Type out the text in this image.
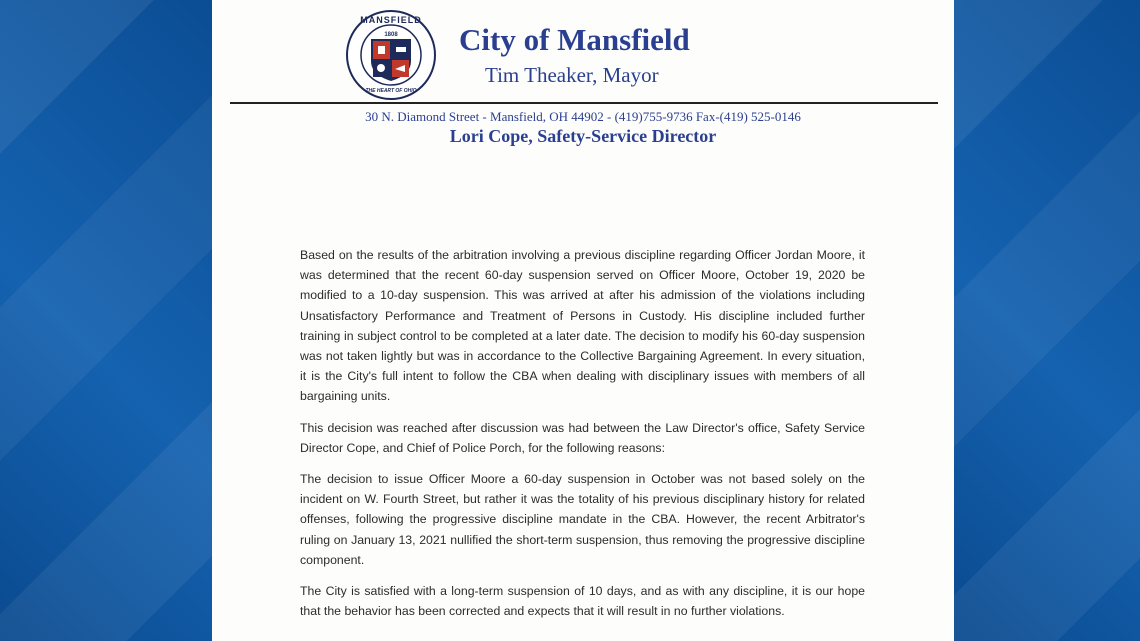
MANSFIELD
1808
THE HEART OF OHIO
City of Mansfield
Tim Theaker, Mayor
30 N. Diamond Street - Mansfield, OH 44902 - (419)755-9736 Fax-(419) 525-0146
Lori Cope, Safety-Service Director

Based on the results of the arbitration involving a previous discipline regarding Officer Jordan Moore, it was determined that the recent 60-day suspension served on Officer Moore, October 19, 2020 be modified to a 10-day suspension. This was arrived at after his admission of the violations including Unsatisfactory Performance and Treatment of Persons in Custody. His discipline included further training in subject control to be completed at a later date. The decision to modify his 60-day suspension was not taken lightly but was in accordance to the Collective Bargaining Agreement. In every situation, it is the City's full intent to follow the CBA when dealing with disciplinary issues with members of all bargaining units.

This decision was reached after discussion was had between the Law Director's office, Safety Service Director Cope, and Chief of Police Porch, for the following reasons:

The decision to issue Officer Moore a 60-day suspension in October was not based solely on the incident on W. Fourth Street, but rather it was the totality of his previous disciplinary history for related offenses, following the progressive discipline mandate in the CBA. However, the recent Arbitrator's ruling on January 13, 2021 nullified the short-term suspension, thus removing the progressive discipline component.

The City is satisfied with a long-term suspension of 10 days, and as with any discipline, it is our hope that the behavior has been corrected and expects that it will result in no further violations.
